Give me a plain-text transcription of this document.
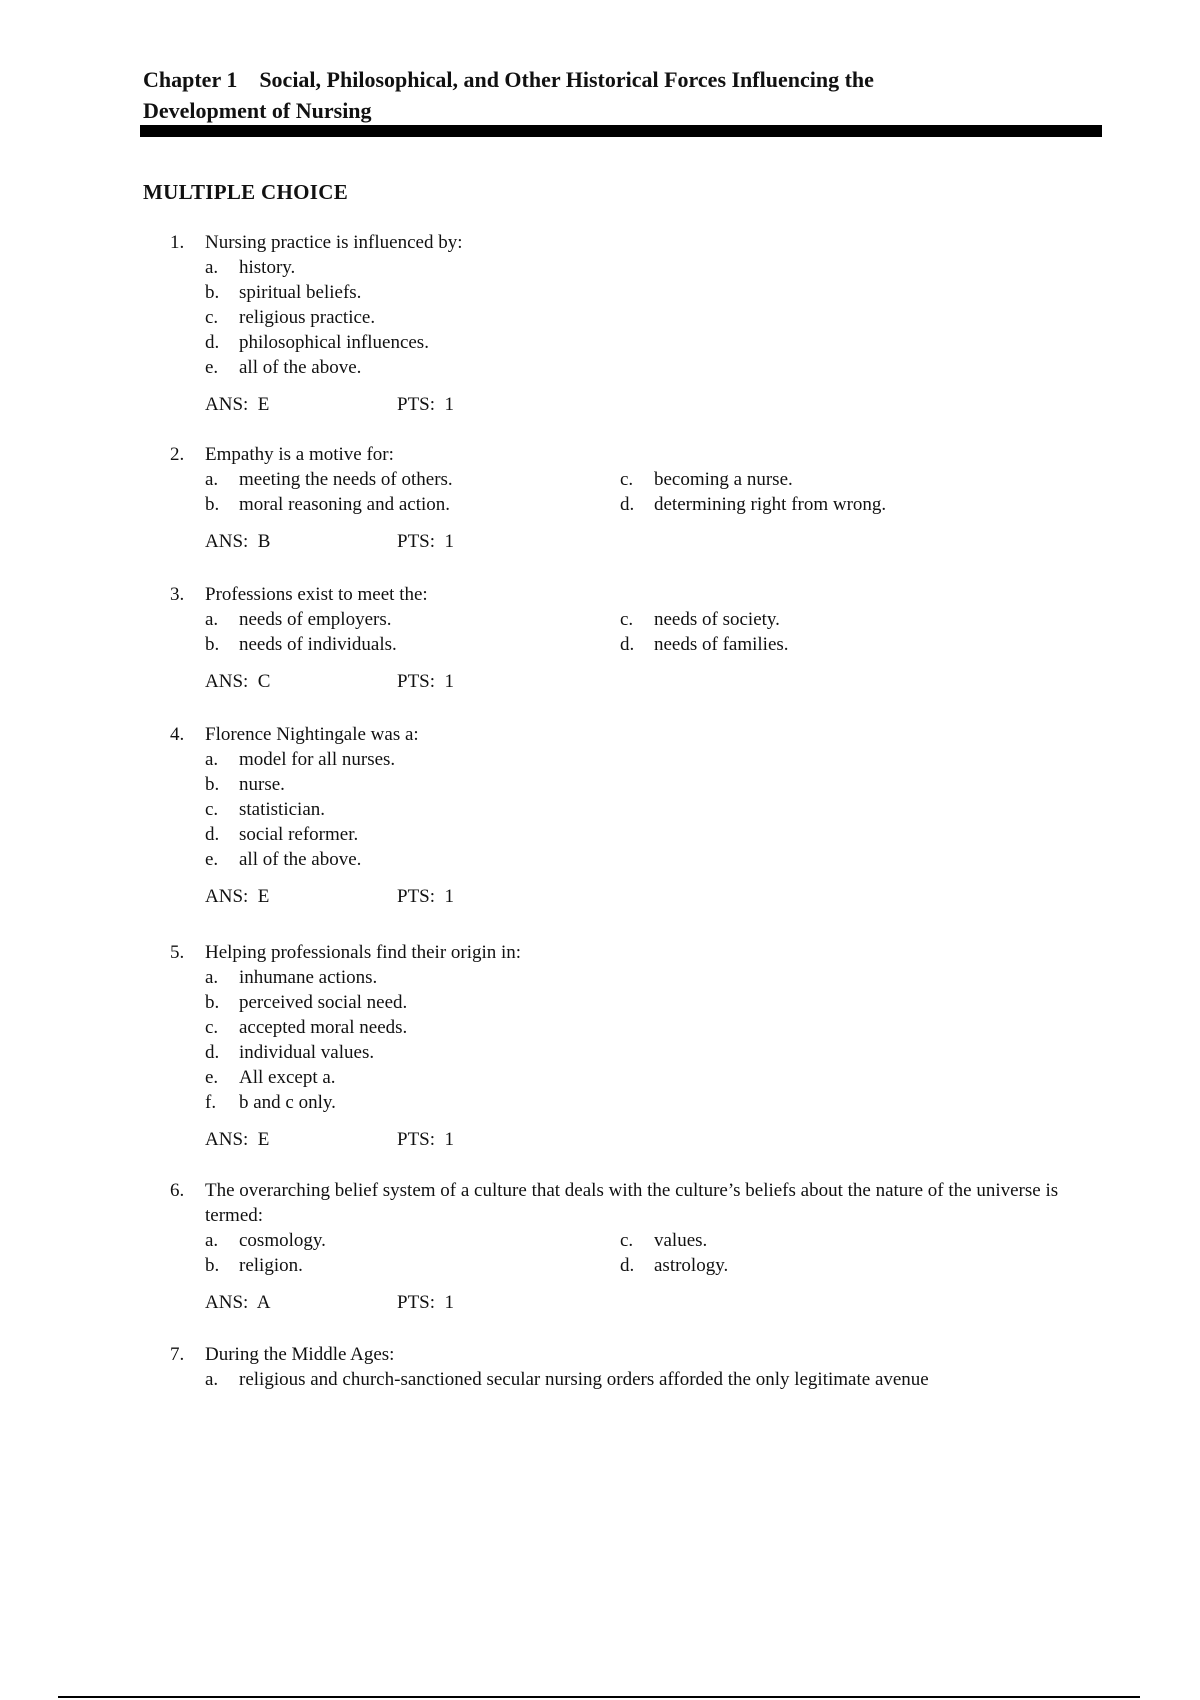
Chapter 1    Social, Philosophical, and Other Historical Forces Influencing the
Development of Nursing
MULTIPLE CHOICE
1.	Nursing practice is influenced by:
a.	history.
b.	spiritual beliefs.
c.	religious practice.
d.	philosophical influences.
e.	all of the above.
ANS:  E	PTS:  1
2.	Empathy is a motive for:
a.	meeting the needs of others.
b.	moral reasoning and action.
c.	becoming a nurse.
d.	determining right from wrong.
ANS:  B	PTS:  1
3.	Professions exist to meet the:
a.	needs of employers.
b.	needs of individuals.
c.	needs of society.
d.	needs of families.
ANS:  C	PTS:  1
4.	Florence Nightingale was a:
a.	model for all nurses.
b.	nurse.
c.	statistician.
d.	social reformer.
e.	all of the above.
ANS:  E	PTS:  1
5.	Helping professionals find their origin in:
a.	inhumane actions.
b.	perceived social need.
c.	accepted moral needs.
d.	individual values.
e.	All except a.
f.	b and c only.
ANS:  E	PTS:  1
6.	The overarching belief system of a culture that deals with the culture’s beliefs about the nature of the universe is termed:
a.	cosmology.
b.	religion.
c.	values.
d.	astrology.
ANS:  A	PTS:  1
7.	During the Middle Ages:
a.	religious and church-sanctioned secular nursing orders afforded the only legitimate avenue
